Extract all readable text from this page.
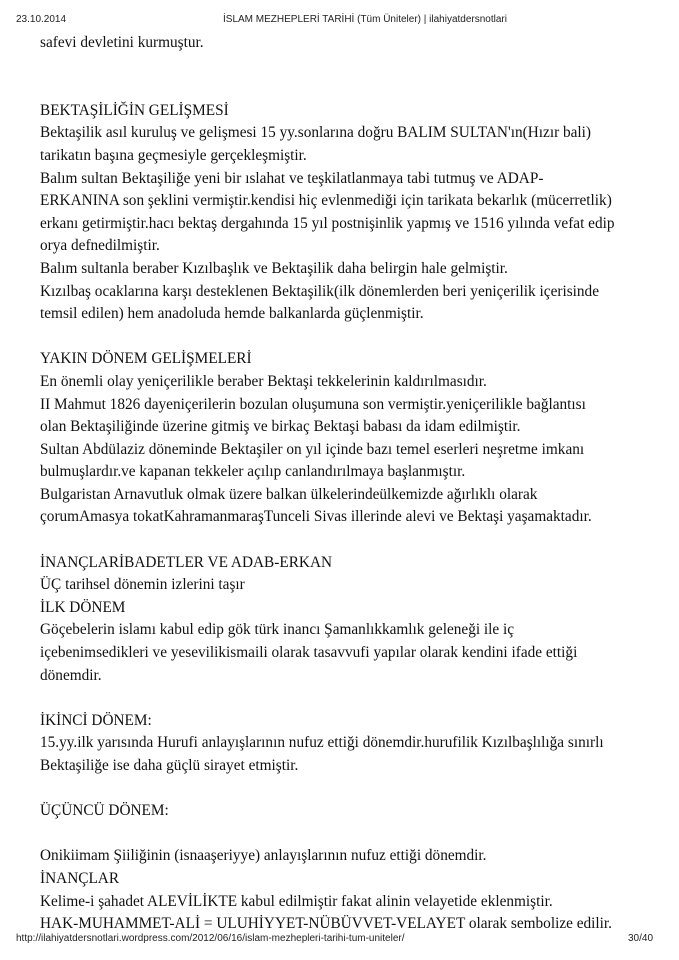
23.10.2014	İSLAM MEZHEPLERİ TARİHİ (Tüm Üniteler) | ilahiyatdersnotlari

safevi devletini kurmuştur.

BEKTAŞİLİĞİN GELİŞMESİ

Bektaşilik asıl kuruluş ve gelişmesi 15 yy.sonlarına doğru BALIM SULTAN'ın(Hızır bali)

tarikatın başına geçmesiyle gerçekleşmiştir.

Balım sultan Bektaşiliğe yeni bir ıslahat ve teşkilatlanmaya tabi tutmuş ve ADAP-

ERKANINA son şeklini vermiştir.kendisi hiç evlenmediği için tarikata bekarlık (mücerretlik)

erkanı getirmiştir.hacı bektaş dergahında 15 yıl postnişinlik yapmış ve 1516 yılında vefat edip

orya defnedilmiştir.

Balım sultanla beraber Kızılbaşlık ve Bektaşilik daha belirgin hale gelmiştir.

Kızılbaş ocaklarına karşı desteklenen Bektaşilik(ilk dönemlerden beri yeniçerilik içerisinde

temsil edilen) hem anadoluda hemde balkanlarda güçlenmiştir.

YAKIN DÖNEM GELİŞMELERİ

En önemli olay yeniçerilikle beraber Bektaşi tekkelerinin kaldırılmasıdır.

II Mahmut 1826 dayeniçerilerin bozulan oluşumuna son vermiştir.yeniçerilikle bağlantısı

olan Bektaşiliğinde üzerine gitmiş ve birkaç Bektaşi babası da idam edilmiştir.

Sultan Abdülaziz döneminde Bektaşiler on yıl içinde bazı temel eserleri neşretme imkanı

bulmuşlardır.ve kapanan tekkeler açılıp canlandırılmaya başlanmıştır.

Bulgaristan Arnavutluk olmak üzere balkan ülkelerindeülkemizde ağırlıklı olarak

çorumAmasya tokatKahramanmaraşTunceli Sivas illerinde alevi ve Bektaşi yaşamaktadır.

İNANÇLARİBADETLER VE ADAB-ERKAN

ÜÇ tarihsel dönemin izlerini taşır

İLK DÖNEM

Göçebelerin islamı kabul edip gök türk inancı Şamanlıkkamlık geleneği ile iç

içebenimsedikleri ve yesevilikismaili olarak tasavvufi yapılar olarak kendini ifade ettiği

dönemdir.

İKİNCİ DÖNEM:

15.yy.ilk yarısında Hurufi anlayışlarının nufuz ettiği dönemdir.hurufilik Kızılbaşlılığa sınırlı

Bektaşiliğe ise daha güçlü sirayet etmiştir.

ÜÇÜNCÜ DÖNEM:

Onikiimam Şiiliğinin (isnaaşeriyye) anlayışlarının nufuz ettiği dönemdir.

İNANÇLAR

Kelime-i şahadet ALEVİLİKTE kabul edilmiştir fakat alinin velayetide eklenmiştir.

HAK-MUHAMMET-ALİ = ULUHİYYET-NÜBÜVVET-VELAYET olarak sembolize edilir.

http://ilahiyatdersnotlari.wordpress.com/2012/06/16/islam-mezhepleri-tarihi-tum-uniteler/	30/40
